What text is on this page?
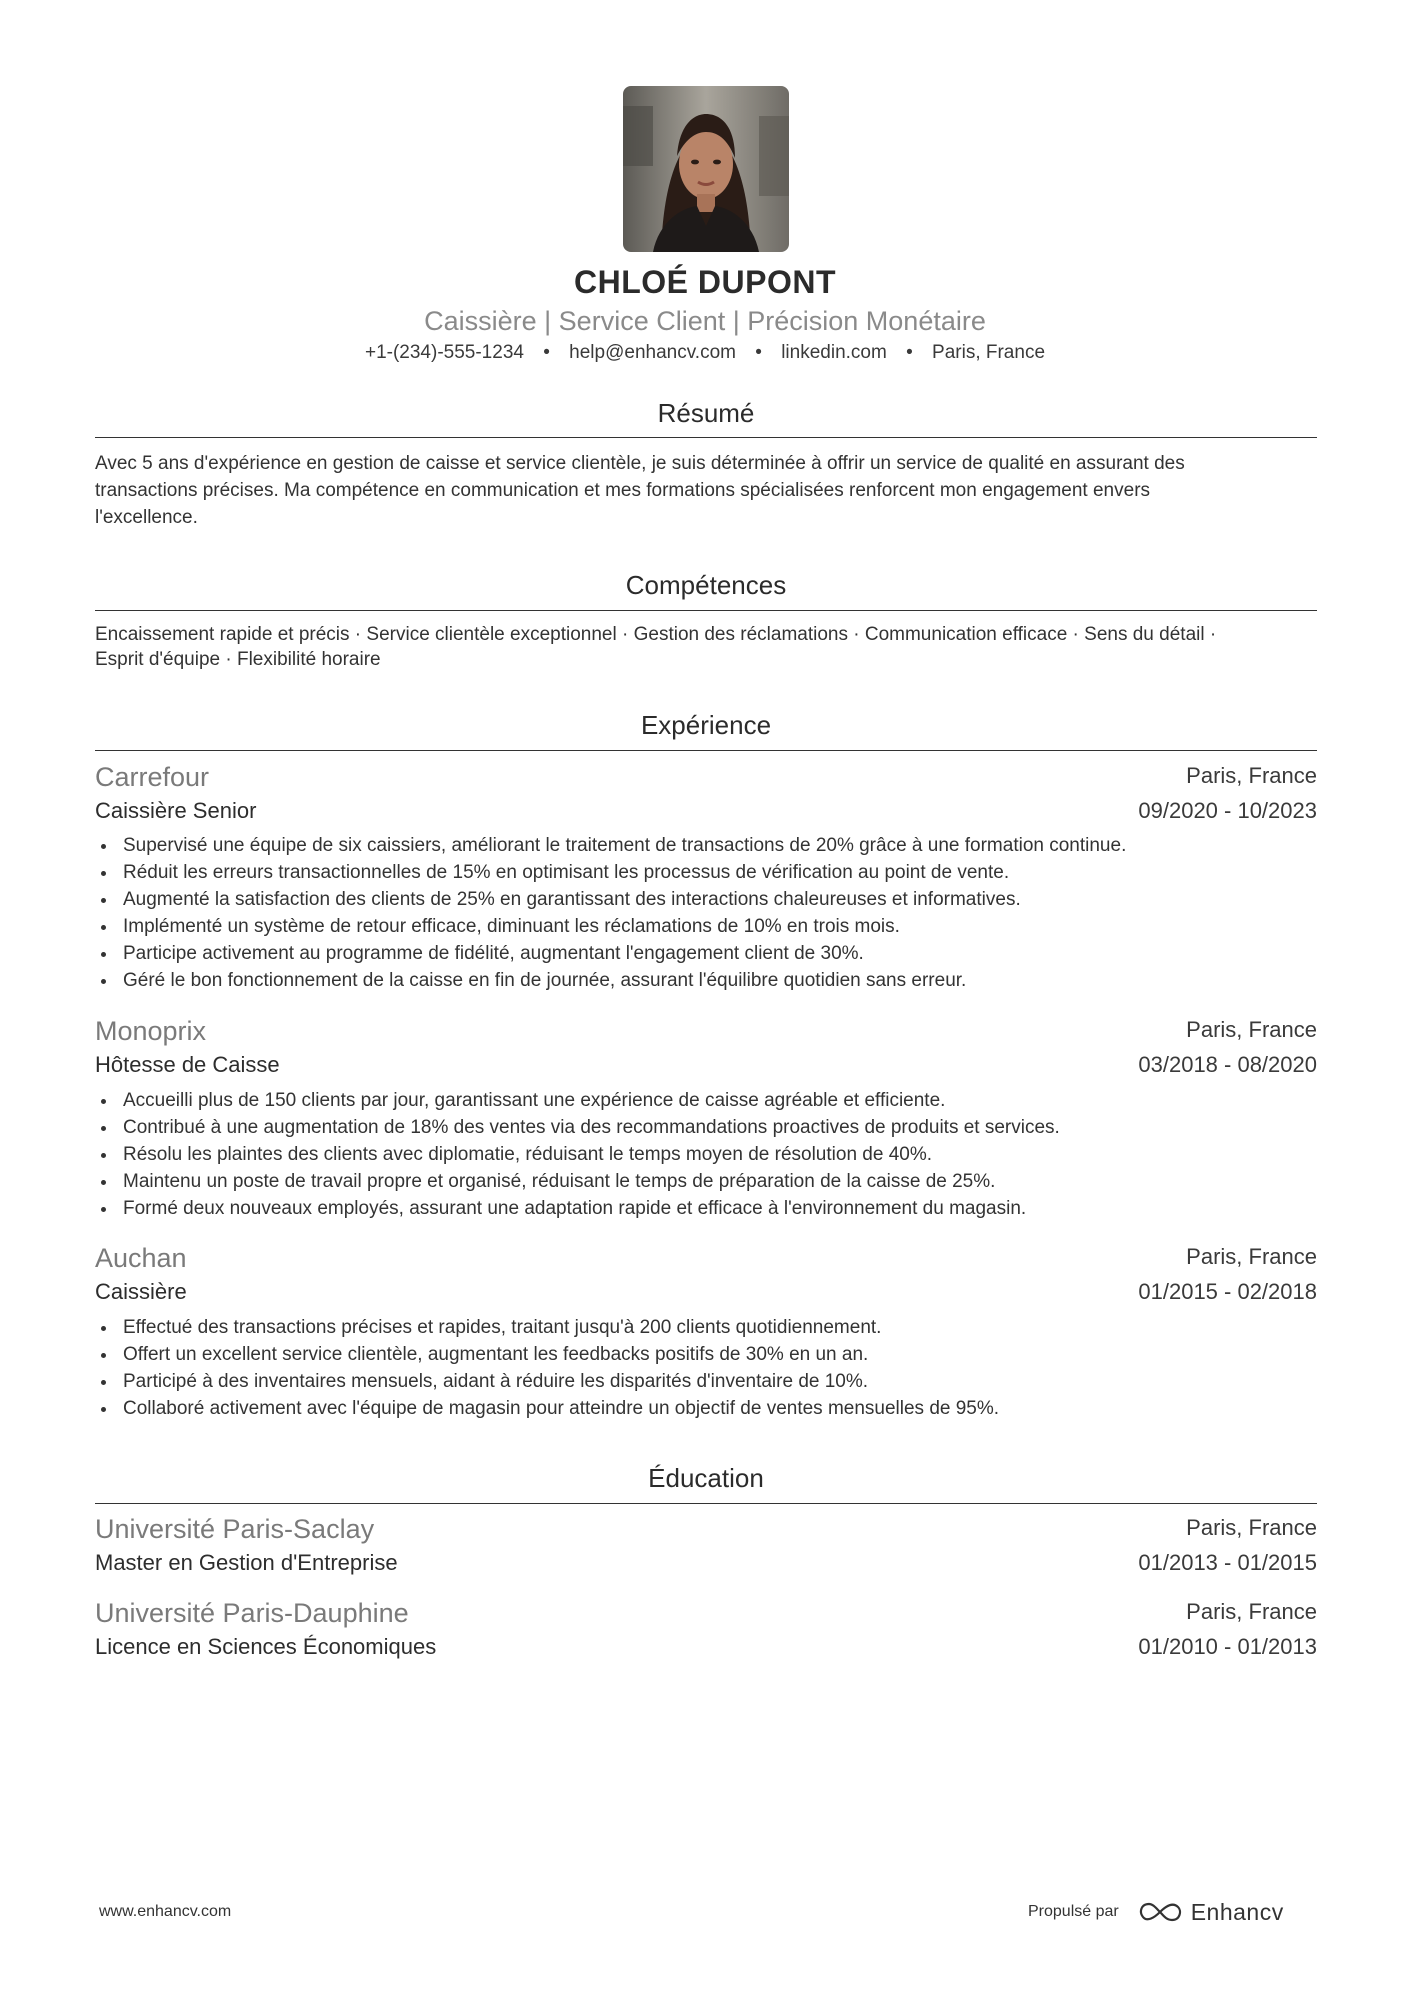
CHLOÉ DUPONT
Caissière | Service Client | Précision Monétaire
+1-(234)-555-1234 • help@enhancv.com • linkedin.com • Paris, France
Résumé
Avec 5 ans d'expérience en gestion de caisse et service clientèle, je suis déterminée à offrir un service de qualité en assurant des
transactions précises. Ma compétence en communication et mes formations spécialisées renforcent mon engagement envers
l'excellence.
Compétences
Encaissement rapide et précis · Service clientèle exceptionnel · Gestion des réclamations · Communication efficace · Sens du détail ·
Esprit d'équipe · Flexibilité horaire
Expérience
Carrefour	Paris, France
Caissière Senior	09/2020 - 10/2023
Supervisé une équipe de six caissiers, améliorant le traitement de transactions de 20% grâce à une formation continue.
Réduit les erreurs transactionnelles de 15% en optimisant les processus de vérification au point de vente.
Augmenté la satisfaction des clients de 25% en garantissant des interactions chaleureuses et informatives.
Implémenté un système de retour efficace, diminuant les réclamations de 10% en trois mois.
Participe activement au programme de fidélité, augmentant l'engagement client de 30%.
Géré le bon fonctionnement de la caisse en fin de journée, assurant l'équilibre quotidien sans erreur.
Monoprix	Paris, France
Hôtesse de Caisse	03/2018 - 08/2020
Accueilli plus de 150 clients par jour, garantissant une expérience de caisse agréable et efficiente.
Contribué à une augmentation de 18% des ventes via des recommandations proactives de produits et services.
Résolu les plaintes des clients avec diplomatie, réduisant le temps moyen de résolution de 40%.
Maintenu un poste de travail propre et organisé, réduisant le temps de préparation de la caisse de 25%.
Formé deux nouveaux employés, assurant une adaptation rapide et efficace à l'environnement du magasin.
Auchan	Paris, France
Caissière	01/2015 - 02/2018
Effectué des transactions précises et rapides, traitant jusqu'à 200 clients quotidiennement.
Offert un excellent service clientèle, augmentant les feedbacks positifs de 30% en un an.
Participé à des inventaires mensuels, aidant à réduire les disparités d'inventaire de 10%.
Collaboré activement avec l'équipe de magasin pour atteindre un objectif de ventes mensuelles de 95%.
Éducation
Université Paris-Saclay	Paris, France
Master en Gestion d'Entreprise	01/2013 - 01/2015
Université Paris-Dauphine	Paris, France
Licence en Sciences Économiques	01/2010 - 01/2013
www.enhancv.com	Propulsé par	Enhancv
